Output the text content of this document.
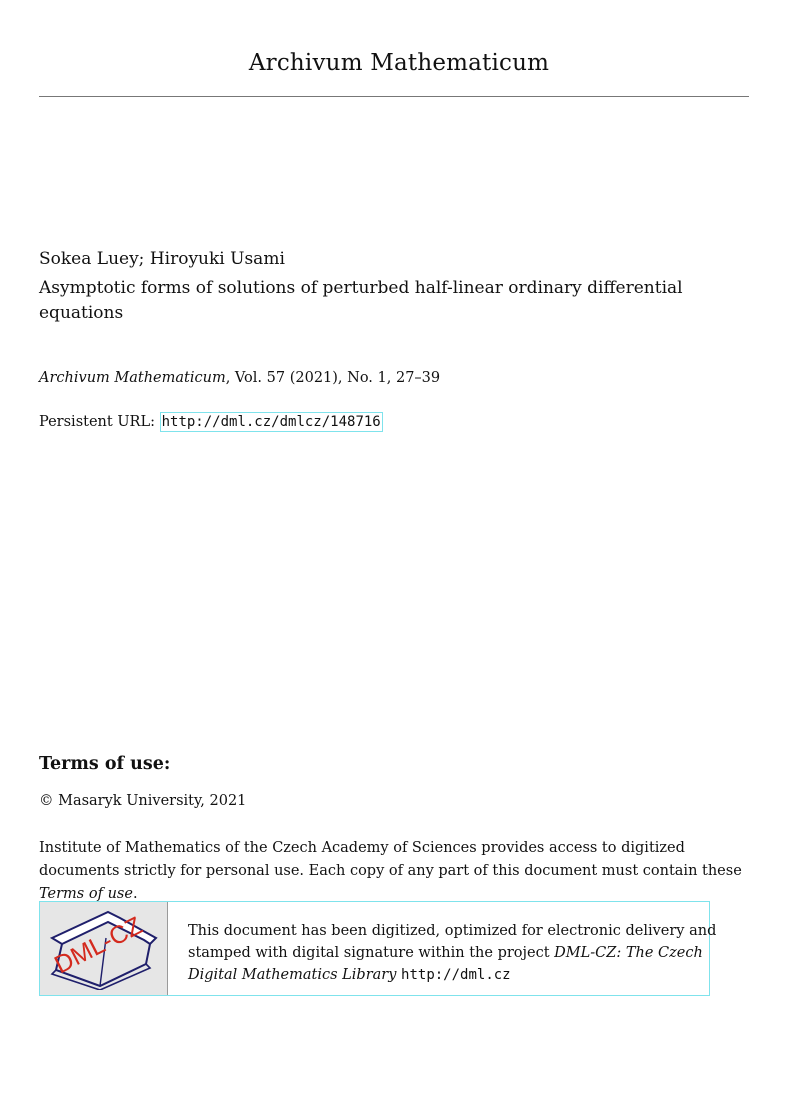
Archivum Mathematicum
Sokea Luey; Hiroyuki Usami
Asymptotic forms of solutions of perturbed half-linear ordinary differential equations
Archivum Mathematicum, Vol. 57 (2021), No. 1, 27–39
Persistent URL: http://dml.cz/dmlcz/148716
Terms of use:
© Masaryk University, 2021
Institute of Mathematics of the Czech Academy of Sciences provides access to digitized documents strictly for personal use. Each copy of any part of this document must contain these Terms of use.
DML-CZ	This document has been digitized, optimized for electronic delivery and stamped with digital signature within the project DML-CZ: The Czech Digital Mathematics Library http://dml.cz
